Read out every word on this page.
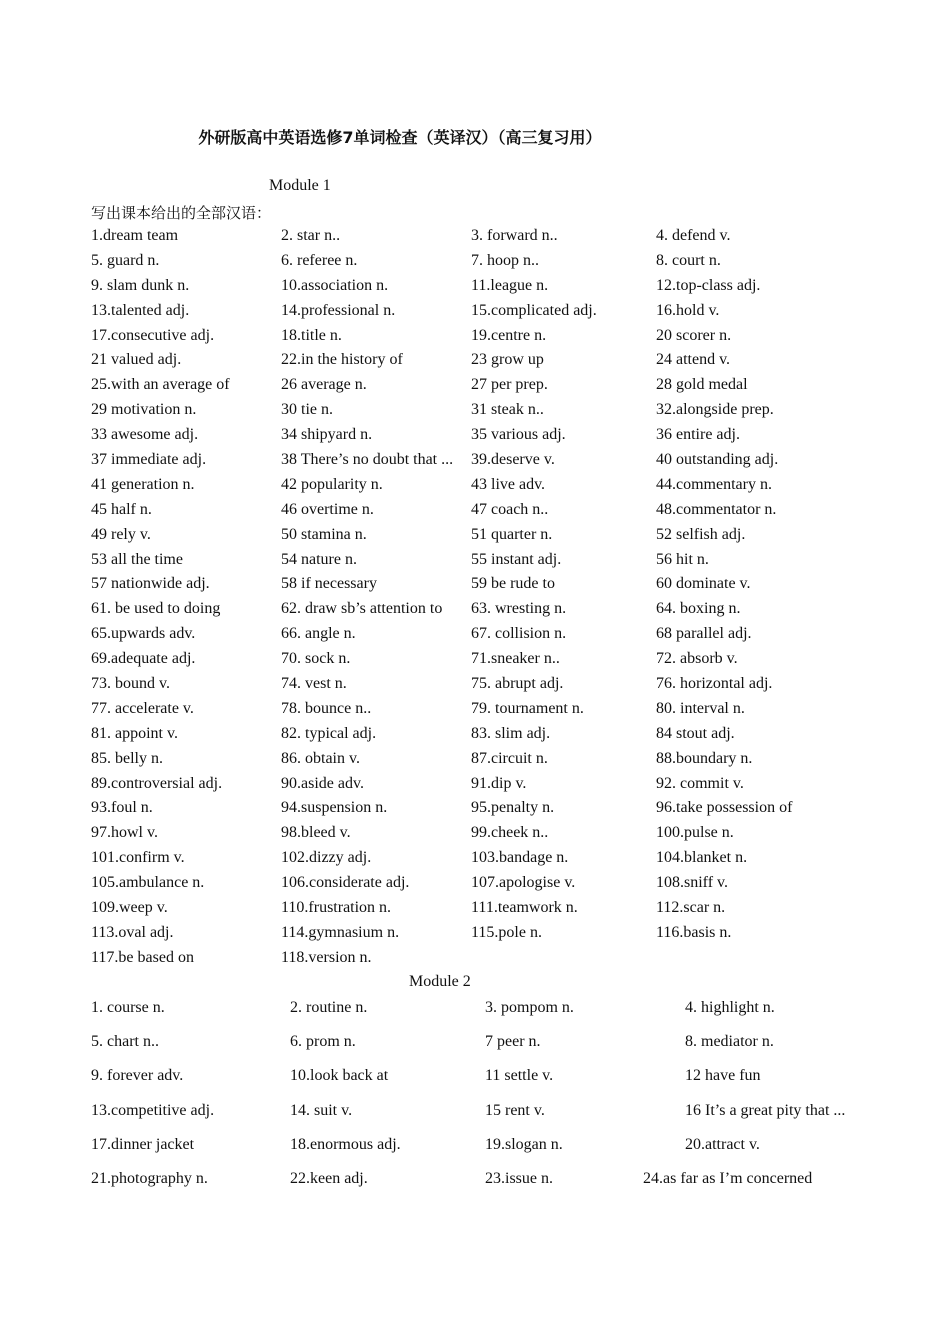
外研版高中英语选修7单词检查（英译汉）（高三复习用）
Module 1
写出课本给出的全部汉语：
1.dream team	2. star n..	3. forward n..	4. defend v.
5. guard n.	6. referee n.	7. hoop n..	8. court n.
9. slam dunk n.	10.association n.	11.league n.	12.top-class adj.
13.talented adj.	14.professional n.	15.complicated adj.	16.hold v.
17.consecutive adj.	18.title n.	19.centre n.	20 scorer n.
21 valued adj.	22.in the history of	23 grow up	24 attend v.
25.with an average of	26 average n.	27 per prep.	28 gold medal
29 motivation n.	30 tie n.	31 steak n..	32.alongside prep.
33 awesome adj.	34 shipyard n.	35 various adj.	36 entire adj.
37 immediate adj.	38 There’s no doubt that ...	39.deserve v.	40 outstanding adj.
41 generation n.	42 popularity n.	43 live adv.	44.commentary n.
45 half n.	46 overtime n.	47 coach n..	48.commentator n.
49 rely v.	50 stamina n.	51 quarter n.	52 selfish adj.
53 all the time	54 nature n.	55 instant adj.	56 hit n.
57 nationwide adj.	58 if necessary	59 be rude to	60 dominate v.
61. be used to doing	62. draw sb’s attention to	63. wresting n.	64. boxing n.
65.upwards adv.	66. angle n.	67. collision n.	68 parallel adj.
69.adequate adj.	70. sock n.	71.sneaker n..	72. absorb v.
73. bound v.	74. vest n.	75. abrupt adj.	76. horizontal adj.
77. accelerate v.	78. bounce n..	79. tournament n.	80. interval n.
81. appoint v.	82. typical adj.	83. slim adj.	84 stout adj.
85. belly n.	86. obtain v.	87.circuit n.	88.boundary n.
89.controversial adj.	90.aside adv.	91.dip v.	92. commit v.
93.foul n.	94.suspension n.	95.penalty n.	96.take possession of
97.howl v.	98.bleed v.	99.cheek n..	100.pulse n.
101.confirm v.	102.dizzy adj.	103.bandage n.	104.blanket n.
105.ambulance n.	106.considerate adj.	107.apologise v.	108.sniff v.
109.weep v.	110.frustration n.	111.teamwork n.	112.scar n.
113.oval adj.	114.gymnasium n.	115.pole n.	116.basis n.
117.be based on	118.version n.
Module 2
1. course n.	2. routine n.	3. pompom n.	4. highlight n.
5. chart n..	6. prom n.	7 peer n.	8. mediator n.
9. forever adv.	10.look back at	11 settle v.	12 have fun
13.competitive adj.	14. suit v.	15 rent v.	16 It’s a great pity that ...
17.dinner jacket	18.enormous adj.	19.slogan n.	20.attract v.
21.photography n.	22.keen adj.	23.issue n.	24.as far as I’m concerned
